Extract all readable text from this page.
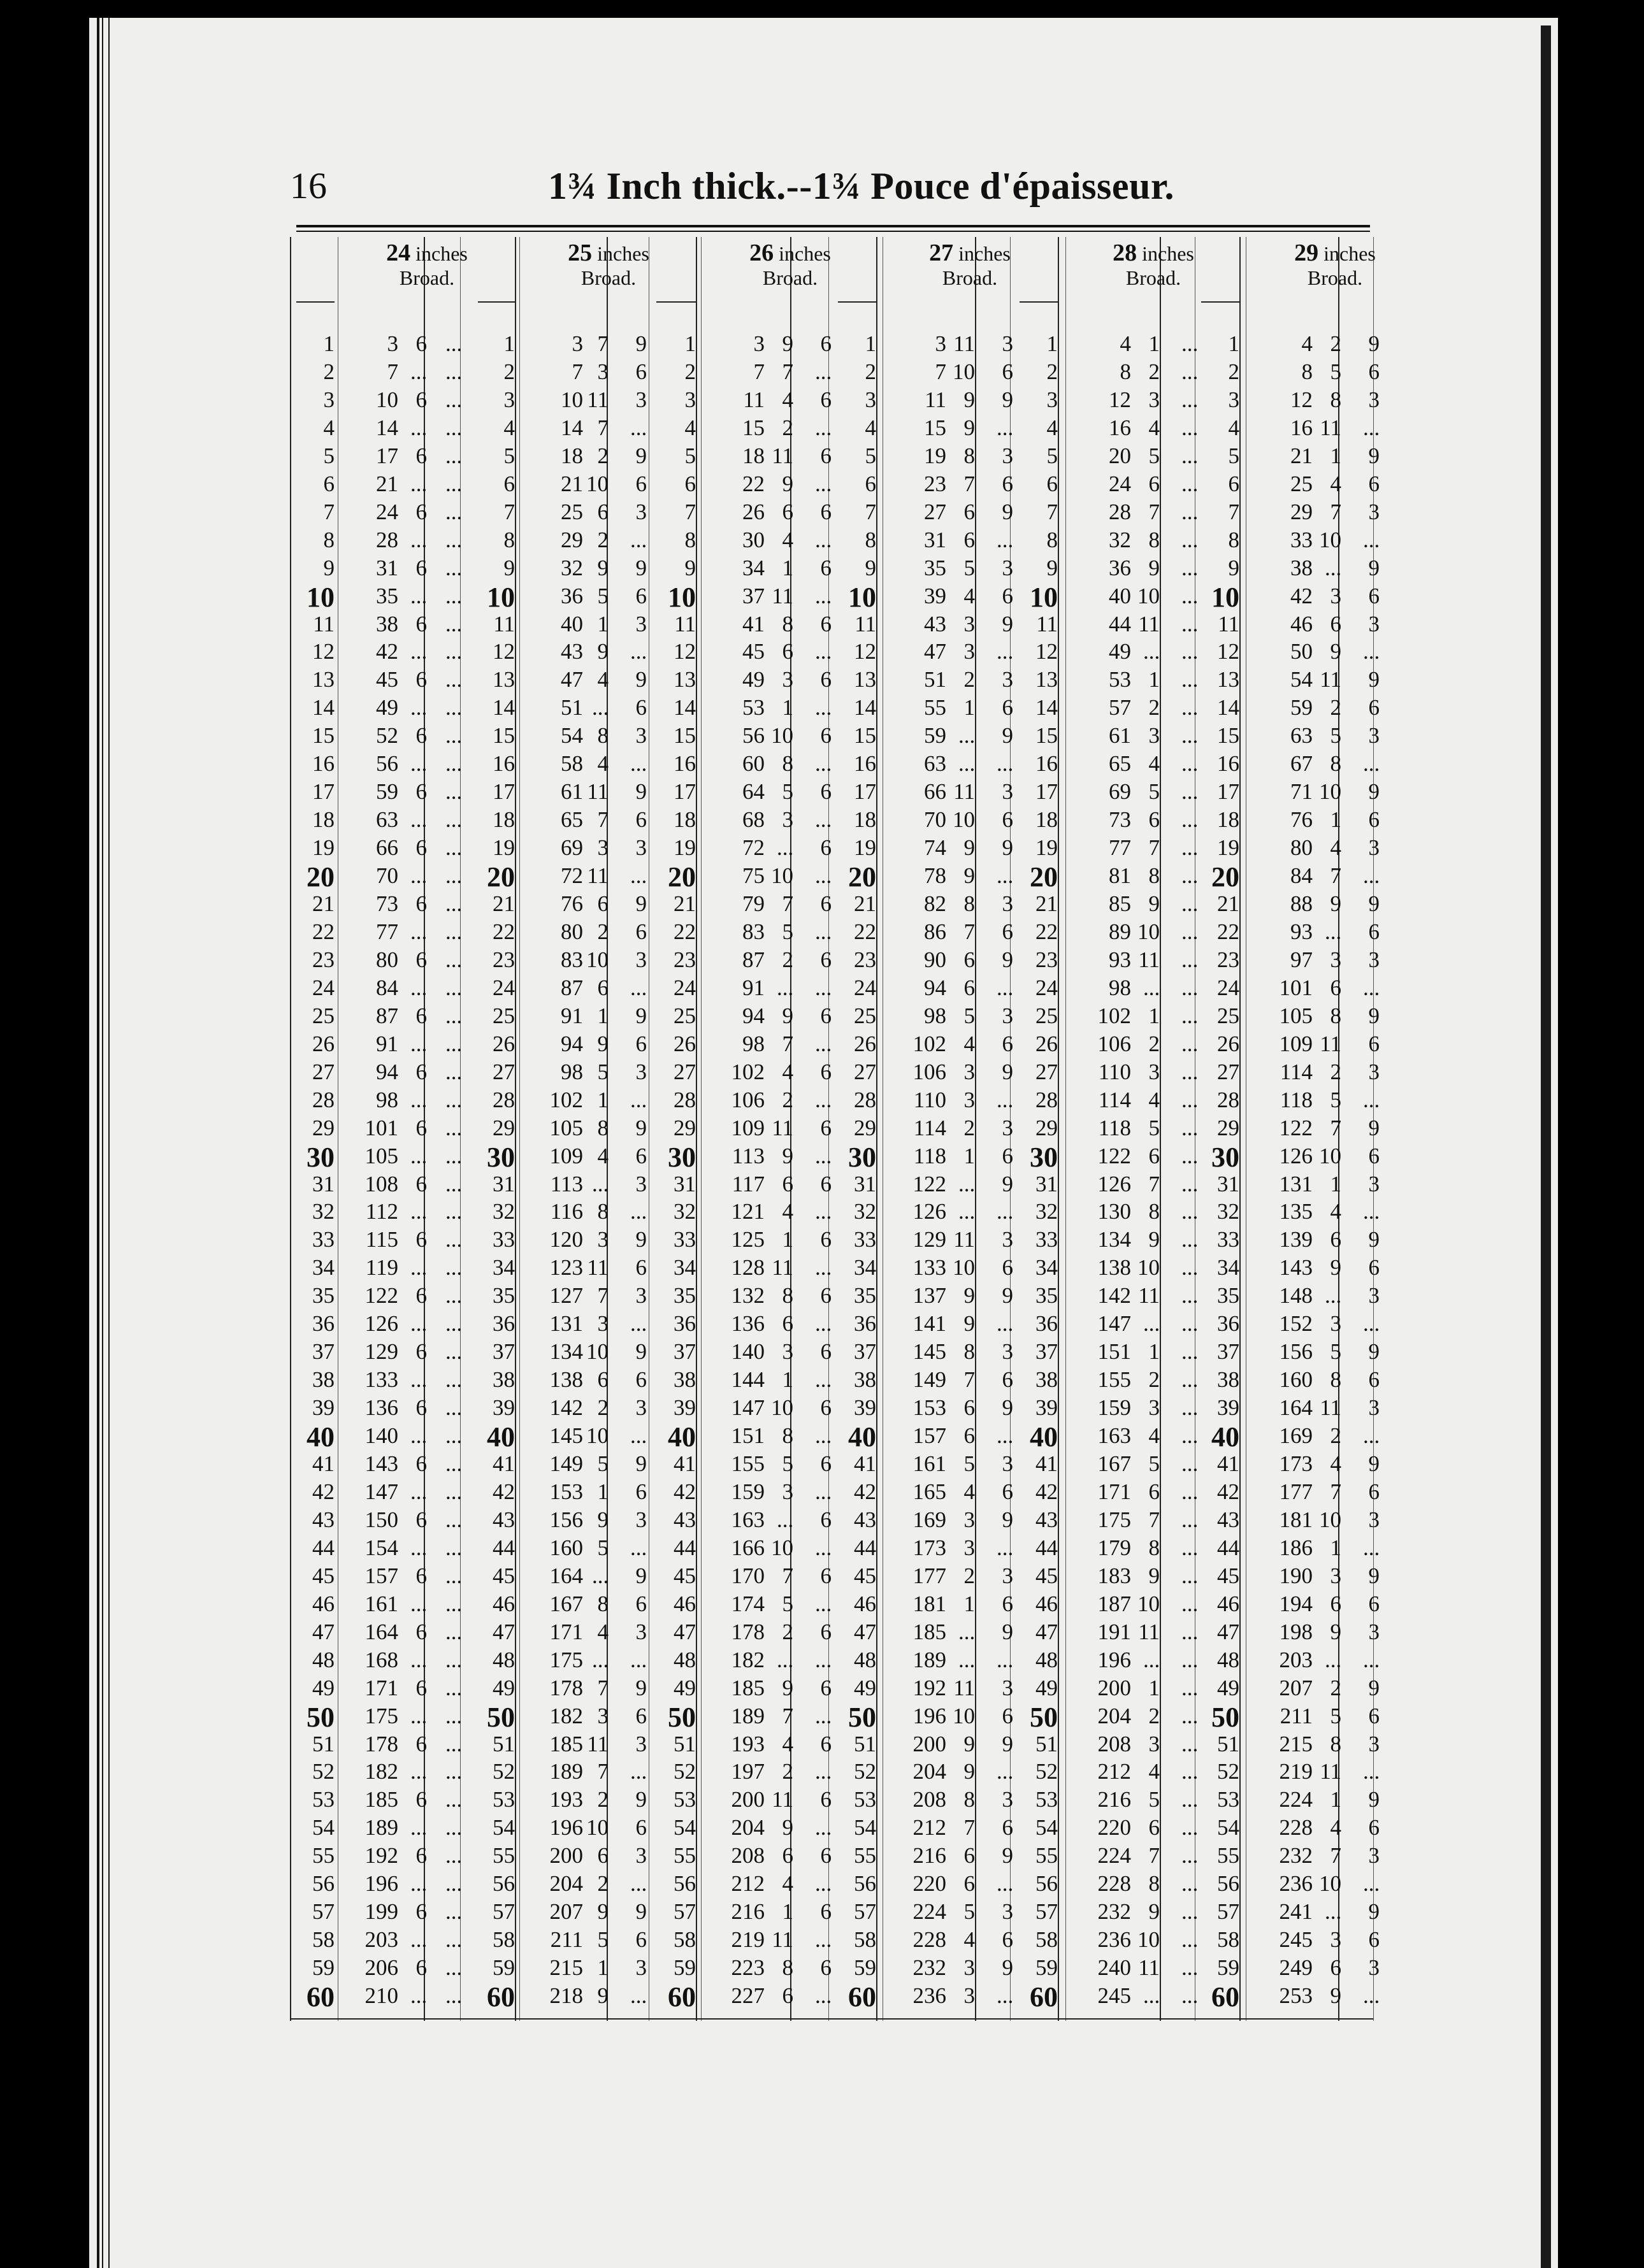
16	1¾ Inch thick.--1¾ Pouce d'épaisseur.
24 inches
Broad.
1	3 6 ...
2	7 ... ...
3	10 6 ...
4	14 ... ...
5	17 6 ...
6	21 ... ...
7	24 6 ...
8	28 ... ...
9	31 6 ...
10	35 ... ...
11	38 6 ...
12	42 ... ...
13	45 6 ...
14	49 ... ...
15	52 6 ...
16	56 ... ...
17	59 6 ...
18	63 ... ...
19	66 6 ...
20	70 ... ...
21	73 6 ...
22	77 ... ...
23	80 6 ...
24	84 ... ...
25	87 6 ...
26	91 ... ...
27	94 6 ...
28	98 ... ...
29	101 6 ...
30	105 ... ...
31	108 6 ...
32	112 ... ...
33	115 6 ...
34	119 ... ...
35	122 6 ...
36	126 ... ...
37	129 6 ...
38	133 ... ...
39	136 6 ...
40	140 ... ...
41	143 6 ...
42	147 ... ...
43	150 6 ...
44	154 ... ...
45	157 6 ...
46	161 ... ...
47	164 6 ...
48	168 ... ...
49	171 6 ...
50	175 ... ...
51	178 6 ...
52	182 ... ...
53	185 6 ...
54	189 ... ...
55	192 6 ...
56	196 ... ...
57	199 6 ...
58	203 ... ...
59	206 6 ...
60	210 ... ...
25 inches
Broad.
1	3 7	9
2	7 3	6
3	10 11	3
4	14 7 ...
5	18 2	9
6	21 10	6
7	25 6	3
8	29 2 ...
9	32 9	9
10	36 5	6
11	40 1	3
12	43 9 ...
13	47 4	9
14	51 ...	6
15	54 8	3
16	58 4 ...
17	61 11	9
18	65 7	6
19	69 3	3
20	72 11 ...
21	76 6	9
22	80 2	6
23	83 10	3
24	87 6 ...
25	91 1	9
26	94 9	6
27	98 5	3
28	102 1 ...
29	105 8	9
30	109 4	6
31	113 ...	3
32	116 8 ...
33	120 3	9
34	123 11	6
35	127 7	3
36	131 3 ...
37	134 10	9
38	138 6	6
39	142 2	3
40	145 10 ...
41	149 5	9
42	153 1	6
43	156 9	3
44	160 5 ...
45	164 ...	9
46	167 8	6
47	171 4	3
48	175 ... ...
49	178 7	9
50	182 3	6
51	185 11	3
52	189 7 ...
53	193 2	9
54	196 10	6
55	200 6	3
56	204 2 ...
57	207 9	9
58	211 5	6
59	215 1	3
60	218 9 ...
26 inches
Broad.
1	3 9	6
2	7 7 ...
3	11 4	6
4	15 2 ...
5	18 11	6
6	22 9 ...
7	26 6	6
8	30 4 ...
9	34 1	6
10	37 11 ...
11	41 8	6
12	45 6 ...
13	49 3	6
14	53 1 ...
15	56 10	6
16	60 8 ...
17	64 5	6
18	68 3 ...
19	72 ...	6
20	75 10 ...
21	79 7	6
22	83 5 ...
23	87 2	6
24	91 ... ...
25	94 9	6
26	98 7 ...
27	102 4	6
28	106 2 ...
29	109 11	6
30	113 9 ...
31	117 6	6
32	121 4 ...
33	125 1	6
34	128 11 ...
35	132 8	6
36	136 6 ...
37	140 3	6
38	144 1 ...
39	147 10	6
40	151 8 ...
41	155 5	6
42	159 3 ...
43	163 ...	6
44	166 10 ...
45	170 7	6
46	174 5 ...
47	178 2	6
48	182 ... ...
49	185 9	6
50	189 7 ...
51	193 4	6
52	197 2 ...
53	200 11	6
54	204 9 ...
55	208 6	6
56	212 4 ...
57	216 1	6
58	219 11 ...
59	223 8	6
60	227 6 ...
27 inches
Broad.
1	3 11	3
2	7 10	6
3	11 9	9
4	15 9 ...
5	19 8	3
6	23 7	6
7	27 6	9
8	31 6 ...
9	35 5	3
10	39 4	6
11	43 3	9
12	47 3 ...
13	51 2	3
14	55 1	6
15	59 ...	9
16	63 ... ...
17	66 11	3
18	70 10	6
19	74 9	9
20	78 9 ...
21	82 8	3
22	86 7	6
23	90 6	9
24	94 6 ...
25	98 5	3
26	102 4	6
27	106 3	9
28	110 3 ...
29	114 2	3
30	118 1	6
31	122 ...	9
32	126 ... ...
33	129 11	3
34	133 10	6
35	137 9	9
36	141 9 ...
37	145 8	3
38	149 7	6
39	153 6	9
40	157 6 ...
41	161 5	3
42	165 4	6
43	169 3	9
44	173 3 ...
45	177 2	3
46	181 1	6
47	185 ...	9
48	189 ... ...
49	192 11	3
50	196 10	6
51	200 9	9
52	204 9 ...
53	208 8	3
54	212 7	6
55	216 6	9
56	220 6 ...
57	224 5	3
58	228 4	6
59	232 3	9
60	236 3 ...
28 inches
Broad.
1	4 1 ...
2	8 2 ...
3	12 3 ...
4	16 4 ...
5	20 5 ...
6	24 6 ...
7	28 7 ...
8	32 8 ...
9	36 9 ...
10	40 10 ...
11	44 11 ...
12	49 ... ...
13	53 1 ...
14	57 2 ...
15	61 3 ...
16	65 4 ...
17	69 5 ...
18	73 6 ...
19	77 7 ...
20	81 8 ...
21	85 9 ...
22	89 10 ...
23	93 11 ...
24	98 ... ...
25	102 1 ...
26	106 2 ...
27	110 3 ...
28	114 4 ...
29	118 5 ...
30	122 6 ...
31	126 7 ...
32	130 8 ...
33	134 9 ...
34	138 10 ...
35	142 11 ...
36	147 ... ...
37	151 1 ...
38	155 2 ...
39	159 3 ...
40	163 4 ...
41	167 5 ...
42	171 6 ...
43	175 7 ...
44	179 8 ...
45	183 9 ...
46	187 10 ...
47	191 11 ...
48	196 ... ...
49	200 1 ...
50	204 2 ...
51	208 3 ...
52	212 4 ...
53	216 5 ...
54	220 6 ...
55	224 7 ...
56	228 8 ...
57	232 9 ...
58	236 10 ...
59	240 11 ...
60	245 ... ...
29 inches
Broad.
1	4 2	9
2	8 5	6
3	12 8	3
4	16 11 ...
5	21 1	9
6	25 4	6
7	29 7	3
8	33 10 ...
9	38 ...	9
10	42 3	6
11	46 6	3
12	50 9 ...
13	54 11	9
14	59 2	6
15	63 5	3
16	67 8 ...
17	71 10	9
18	76 1	6
19	80 4	3
20	84 7 ...
21	88 9	9
22	93 ...	6
23	97 3	3
24	101 6 ...
25	105 8	9
26	109 11	6
27	114 2	3
28	118 5 ...
29	122 7	9
30	126 10	6
31	131 1	3
32	135 4 ...
33	139 6	9
34	143 9	6
35	148 ...	3
36	152 3 ...
37	156 5	9
38	160 8	6
39	164 11	3
40	169 2 ...
41	173 4	9
42	177 7	6
43	181 10	3
44	186 1 ...
45	190 3	9
46	194 6	6
47	198 9	3
48	203 ... ...
49	207 2	9
50	211 5	6
51	215 8	3
52	219 11 ...
53	224 1	9
54	228 4	6
55	232 7	3
56	236 10 ...
57	241 ...	9
58	245 3	6
59	249 6	3
60	253 9 ...
